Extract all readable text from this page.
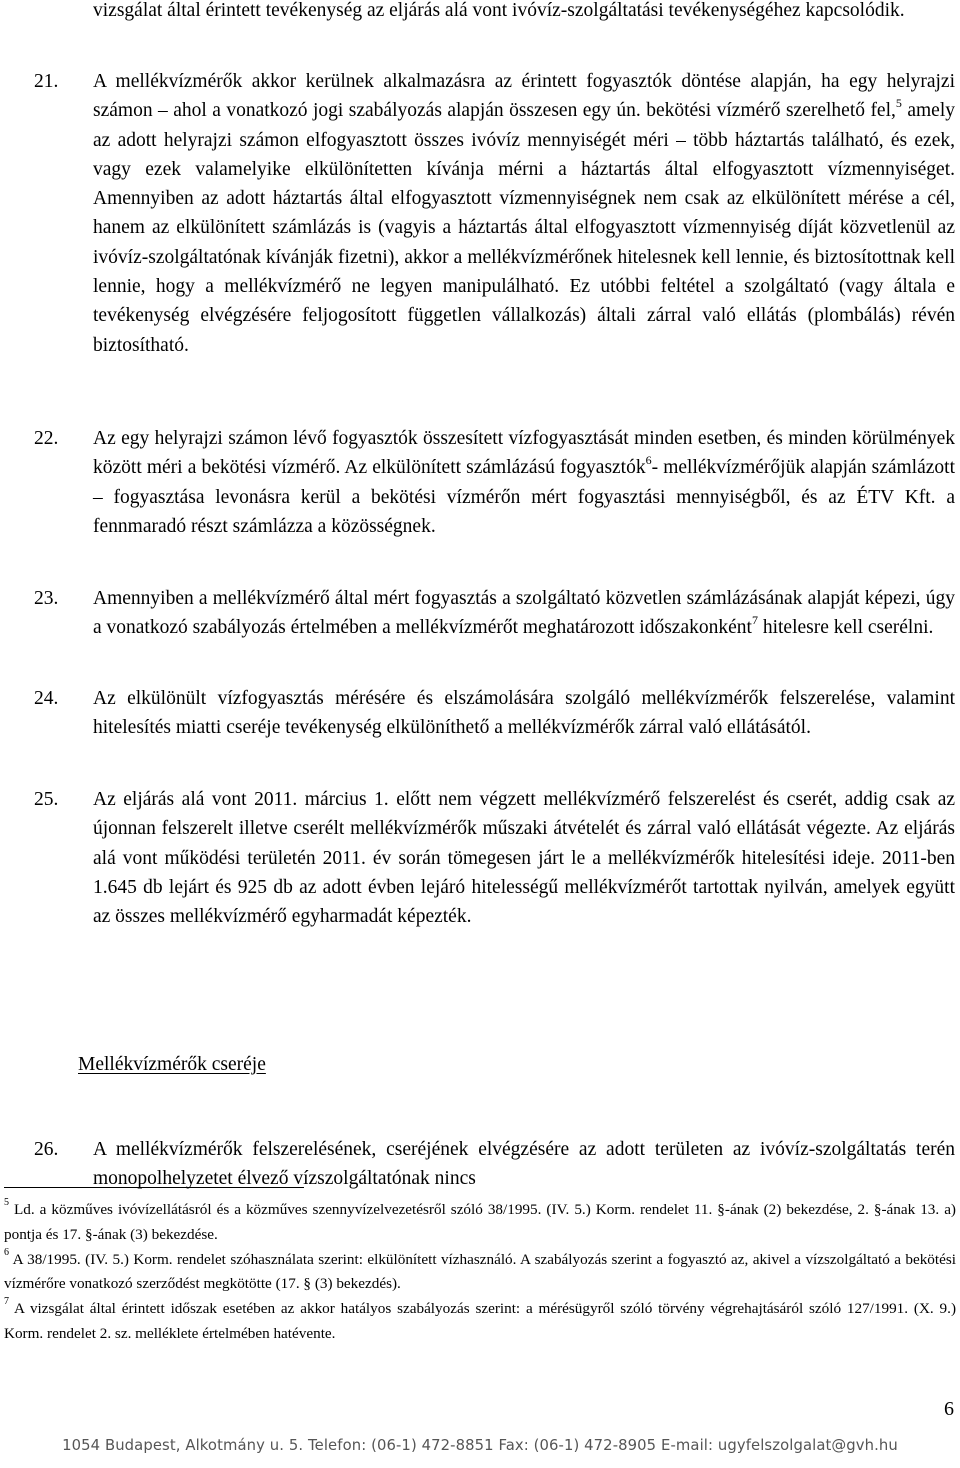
vizsgálat által érintett tevékenység az eljárás alá vont ivóvíz-szolgáltatási tevékenységéhez kapcsolódik.

21. A mellékvízmérők akkor kerülnek alkalmazásra az érintett fogyasztók döntése alapján, ha egy helyrajzi számon – ahol a vonatkozó jogi szabályozás alapján összesen egy ún. bekötési vízmérő szerelhető fel,$^5$ amely az adott helyrajzi számon elfogyasztott összes ivóvíz mennyiségét méri – több háztartás található, és ezek, vagy ezek valamelyike elkülönítetten kívánja mérni a háztartás által elfogyasztott vízmennyiséget. Amennyiben az adott háztartás által elfogyasztott vízmennyiségnek nem csak az elkülönített mérése a cél, hanem az elkülönített számlázás is (vagyis a háztartás által elfogyasztott vízmennyiség díját közvetlenül az ivóvíz-szolgáltatónak kívánják fizetni), akkor a mellékvízmérőnek hitelesnek kell lennie, és biztosítottnak kell lennie, hogy a mellékvízmérő ne legyen manipulálható. Ez utóbbi feltétel a szolgáltató (vagy általa e tevékenység elvégzésére feljogosított független vállalkozás) általi zárral való ellátás (plombálás) révén biztosítható.

22. Az egy helyrajzi számon lévő fogyasztók összesített vízfogyasztását minden esetben, és minden körülmények között méri a bekötési vízmérő. Az elkülönített számlázású fogyasztók$^6$- mellékvízmérőjük alapján számlázott – fogyasztása levonásra kerül a bekötési vízmérőn mért fogyasztási mennyiségből, és az ÉTV Kft. a fennmaradó részt számlázza a közösségnek.

23. Amennyiben a mellékvízmérő által mért fogyasztás a szolgáltató közvetlen számlázásának alapját képezi, úgy a vonatkozó szabályozás értelmében a mellékvízmérőt meghatározott időszakonként$^7$ hitelesre kell cserélni.

24. Az elkülönült vízfogyasztás mérésére és elszámolására szolgáló mellékvízmérők felszerelése, valamint hitelesítés miatti cseréje tevékenység elkülöníthető a mellékvízmérők zárral való ellátásától.

25. Az eljárás alá vont 2011. március 1. előtt nem végzett mellékvízmérő felszerelést és cserét, addig csak az újonnan felszerelt illetve cserélt mellékvízmérők műszaki átvételét és zárral való ellátását végezte. Az eljárás alá vont működési területén 2011. év során tömegesen járt le a mellékvízmérők hitelesítési ideje. 2011-ben 1.645 db lejárt és 925 db az adott évben lejáró hitelességű mellékvízmérőt tartottak nyilván, amelyek együtt az összes mellékvízmérő egyharmadát képezték.

Mellékvízmérők cseréje
26. A mellékvízmérők felszerelésének, cseréjének elvégzésére az adott területen az ivóvíz-szolgáltatás terén monopolhelyzetet élvező vízszolgáltatónak nincs

$^5$ Ld. a közműves ivóvízellátásról és a közműves szennyvízelvezetésről szóló 38/1995. (IV. 5.) Korm. rendelet 11. §-ának (2) bekezdése, 2. §-ának 13. a) pontja és 17. §-ának (3) bekezdése.

$^6$ A 38/1995. (IV. 5.) Korm. rendelet szóhasználata szerint: elkülönített vízhasználó. A szabályozás szerint a fogyasztó az, akivel a vízszolgáltató a bekötési vízmérőre vonatkozó szerződést megkötötte (17. § (3) bekezdés).

$^7$ A vizsgálat által érintett időszak esetében az akkor hatályos szabályozás szerint: a mérésügyről szóló törvény végrehajtásáról szóló 127/1991. (X. 9.) Korm. rendelet 2. sz. melléklete értelmében hatévente.

6
1054 Budapest, Alkotmány u. 5. Telefon: (06-1) 472-8851 Fax: (06-1) 472-8905 E-mail: ugyfelszolgalat@gvh.hu
